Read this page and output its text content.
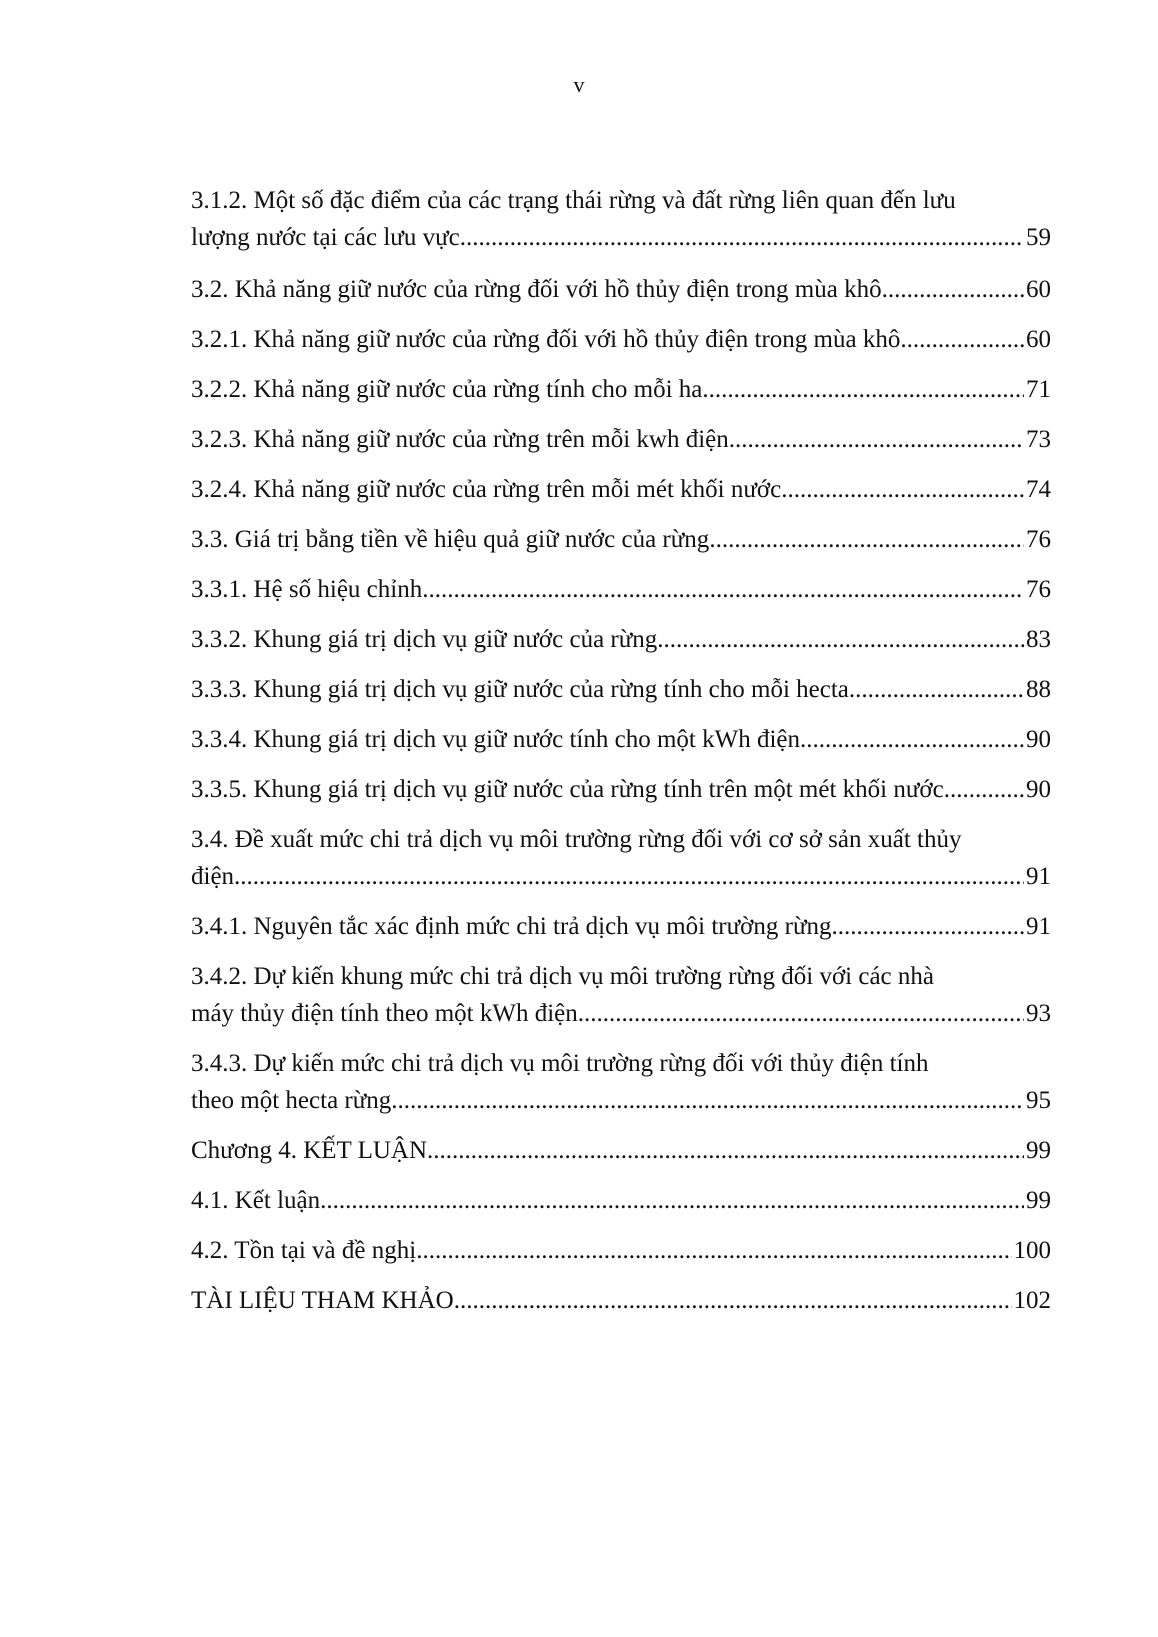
v
3.1.2. Một số đặc điểm của các trạng thái rừng và đất rừng liên quan đến lưu
lượng nước tại các lưu vực .....	59
3.2. Khả năng giữ nước của rừng đối với hồ thủy điện trong mùa khô .....	60
3.2.1. Khả năng giữ nước của rừng đối với hồ thủy điện trong mùa khô .....	60
3.2.2. Khả năng giữ nước của rừng tính cho mỗi ha .....	71
3.2.3. Khả năng giữ nước của rừng trên mỗi kwh điện .....	73
3.2.4. Khả năng giữ nước của rừng trên mỗi mét khối nước .....	74
3.3. Giá trị bằng tiền về hiệu quả giữ nước của rừng .....	76
3.3.1. Hệ số hiệu chỉnh .....	76
3.3.2. Khung giá trị dịch vụ giữ nước của rừng .....	83
3.3.3. Khung giá trị dịch vụ giữ nước của rừng tính cho mỗi hecta .....	88
3.3.4. Khung giá trị dịch vụ giữ nước tính cho một kWh điện .....	90
3.3.5. Khung giá trị dịch vụ giữ nước của rừng tính trên một mét khối nước .....	90
3.4. Đề xuất mức chi trả dịch vụ môi trường rừng đối với cơ sở sản xuất thủy
điện .....	91
3.4.1. Nguyên tắc xác định mức chi trả dịch vụ môi trường rừng .....	91
3.4.2. Dự kiến khung mức chi trả dịch vụ môi trường rừng đối với các nhà
máy thủy điện tính theo một kWh điện .....	93
3.4.3. Dự kiến mức chi trả dịch vụ môi trường rừng đối với thủy điện tính
theo một hecta rừng .....	95
Chương 4. KẾT LUẬN .....	99
4.1. Kết luận .....	99
4.2. Tồn tại và đề nghị .....	100
TÀI LIỆU THAM KHẢO .....	102
